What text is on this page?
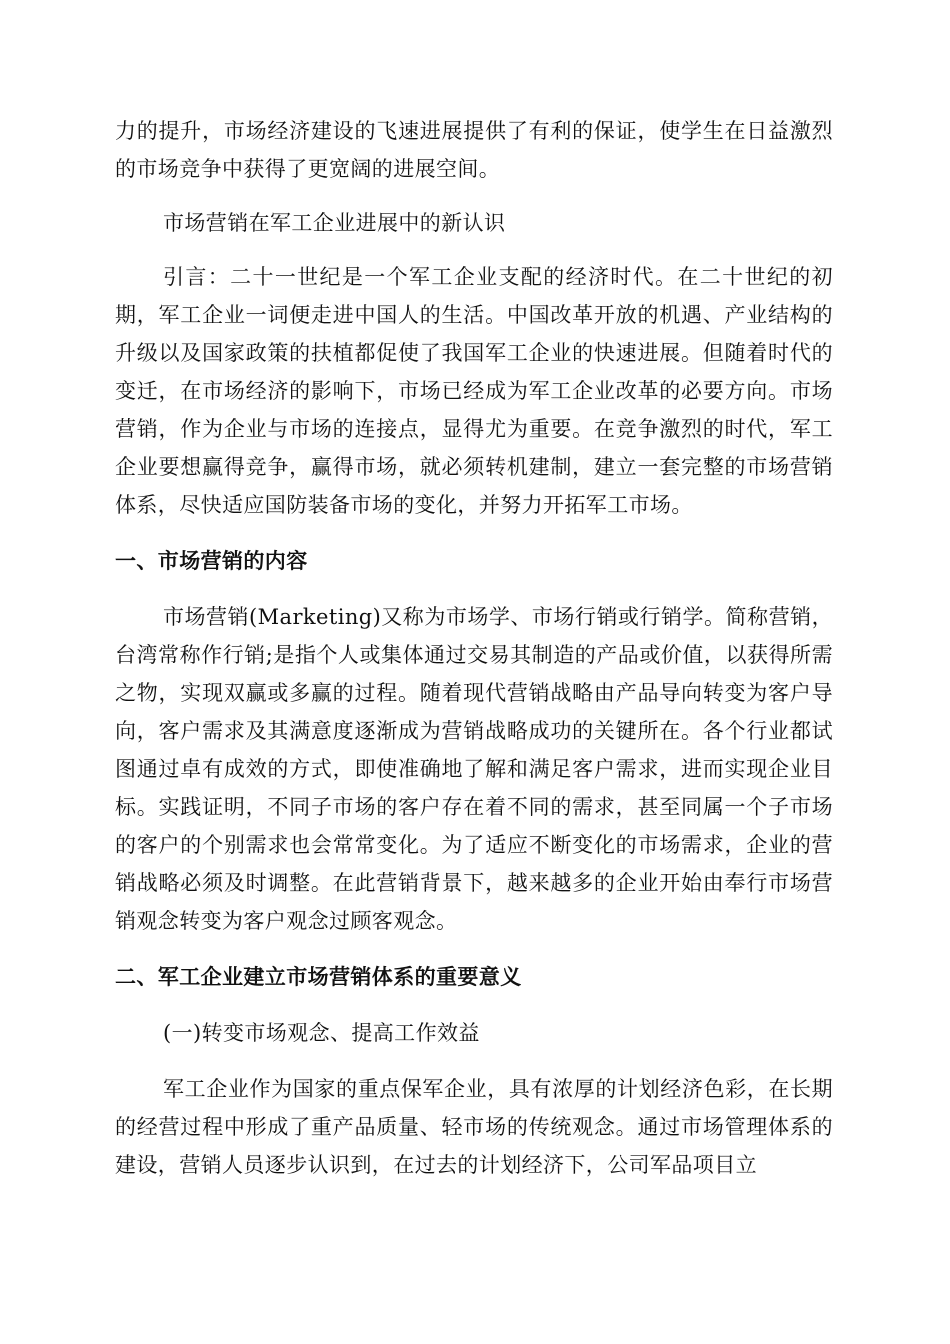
力的提升，市场经济建设的飞速进展提供了有利的保证，使学生在日益激烈的市场竞争中获得了更宽阔的进展空间。

市场营销在军工企业进展中的新认识

引言：二十一世纪是一个军工企业支配的经济时代。在二十世纪的初期，军工企业一词便走进中国人的生活。中国改革开放的机遇、产业结构的升级以及国家政策的扶植都促使了我国军工企业的快速进展。但随着时代的变迁，在市场经济的影响下，市场已经成为军工企业改革的必要方向。市场营销，作为企业与市场的连接点，显得尤为重要。在竞争激烈的时代，军工企业要想赢得竞争，赢得市场，就必须转机建制，建立一套完整的市场营销体系，尽快适应国防装备市场的变化，并努力开拓军工市场。

一、市场营销的内容

市场营销(Marketing)又称为市场学、市场行销或行销学。简称营销，台湾常称作行销;是指个人或集体通过交易其制造的产品或价值，以获得所需之物，实现双赢或多赢的过程。随着现代营销战略由产品导向转变为客户导向，客户需求及其满意度逐渐成为营销战略成功的关键所在。各个行业都试图通过卓有成效的方式，即使准确地了解和满足客户需求，进而实现企业目标。实践证明，不同子市场的客户存在着不同的需求，甚至同属一个子市场的客户的个别需求也会常常变化。为了适应不断变化的市场需求，企业的营销战略必须及时调整。在此营销背景下，越来越多的企业开始由奉行市场营销观念转变为客户观念过顾客观念。

二、军工企业建立市场营销体系的重要意义

(一)转变市场观念、提高工作效益

军工企业作为国家的重点保军企业，具有浓厚的计划经济色彩，在长期的经营过程中形成了重产品质量、轻市场的传统观念。通过市场管理体系的建设，营销人员逐步认识到，在过去的计划经济下，公司军品项目立
